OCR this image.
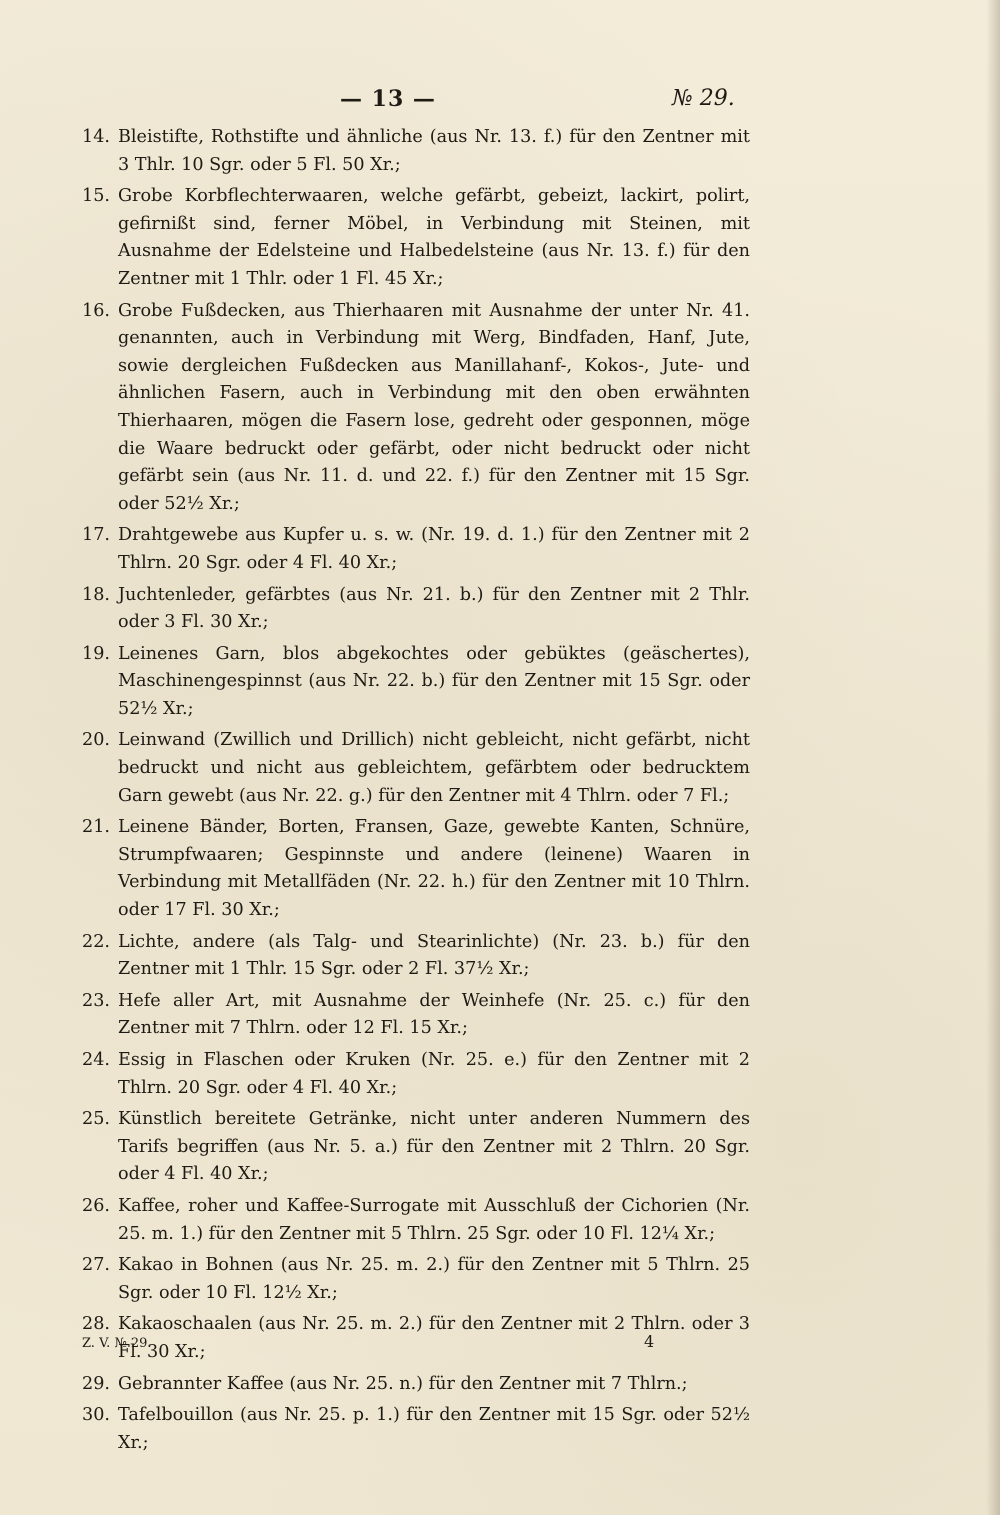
— 13 —	№ 29.
14. Bleistifte, Rothstifte und ähnliche (aus Nr. 13. f.) für den Zentner mit 3 Thlr. 10 Sgr. oder 5 Fl. 50 Xr.;
15. Grobe Korbflechterwaaren, welche gefärbt, gebeizt, lackirt, polirt, gefirnißt sind, ferner Möbel, in Verbindung mit Steinen, mit Ausnahme der Edelsteine und Halbedelsteine (aus Nr. 13. f.) für den Zentner mit 1 Thlr. oder 1 Fl. 45 Xr.;
16. Grobe Fußdecken, aus Thierhaaren mit Ausnahme der unter Nr. 41. genannten, auch in Verbindung mit Werg, Bindfaden, Hanf, Jute, sowie dergleichen Fußdecken aus Manillahanf-, Kokos-, Jute- und ähnlichen Fasern, auch in Verbindung mit den oben erwähnten Thierhaaren, mögen die Fasern lose, gedreht oder gesponnen, möge die Waare bedruckt oder gefärbt, oder nicht bedruckt oder nicht gefärbt sein (aus Nr. 11. d. und 22. f.) für den Zentner mit 15 Sgr. oder 52½ Xr.;
17. Drahtgewebe aus Kupfer u. s. w. (Nr. 19. d. 1.) für den Zentner mit 2 Thlrn. 20 Sgr. oder 4 Fl. 40 Xr.;
18. Juchtenleder, gefärbtes (aus Nr. 21. b.) für den Zentner mit 2 Thlr. oder 3 Fl. 30 Xr.;
19. Leinenes Garn, blos abgekochtes oder gebüktes (geäschertes), Maschinengespinnst (aus Nr. 22. b.) für den Zentner mit 15 Sgr. oder 52½ Xr.;
20. Leinwand (Zwillich und Drillich) nicht gebleicht, nicht gefärbt, nicht bedruckt und nicht aus gebleichtem, gefärbtem oder bedrucktem Garn gewebt (aus Nr. 22. g.) für den Zentner mit 4 Thlrn. oder 7 Fl.;
21. Leinene Bänder, Borten, Fransen, Gaze, gewebte Kanten, Schnüre, Strumpfwaaren; Gespinnste und andere (leinene) Waaren in Verbindung mit Metallfäden (Nr. 22. h.) für den Zentner mit 10 Thlrn. oder 17 Fl. 30 Xr.;
22. Lichte, andere (als Talg- und Stearinlichte) (Nr. 23. b.) für den Zentner mit 1 Thlr. 15 Sgr. oder 2 Fl. 37½ Xr.;
23. Hefe aller Art, mit Ausnahme der Weinhefe (Nr. 25. c.) für den Zentner mit 7 Thlrn. oder 12 Fl. 15 Xr.;
24. Essig in Flaschen oder Kruken (Nr. 25. e.) für den Zentner mit 2 Thlrn. 20 Sgr. oder 4 Fl. 40 Xr.;
25. Künstlich bereitete Getränke, nicht unter anderen Nummern des Tarifs begriffen (aus Nr. 5. a.) für den Zentner mit 2 Thlrn. 20 Sgr. oder 4 Fl. 40 Xr.;
26. Kaffee, roher und Kaffee-Surrogate mit Ausschluß der Cichorien (Nr. 25. m. 1.) für den Zentner mit 5 Thlrn. 25 Sgr. oder 10 Fl. 12¼ Xr.;
27. Kakao in Bohnen (aus Nr. 25. m. 2.) für den Zentner mit 5 Thlrn. 25 Sgr. oder 10 Fl. 12½ Xr.;
28. Kakaoschaalen (aus Nr. 25. m. 2.) für den Zentner mit 2 Thlrn. oder 3 Fl. 30 Xr.;
29. Gebrannter Kaffee (aus Nr. 25. n.) für den Zentner mit 7 Thlrn.;
30. Tafelbouillon (aus Nr. 25. p. 1.) für den Zentner mit 15 Sgr. oder 52½ Xr.;
Z. V. № 29.	4
